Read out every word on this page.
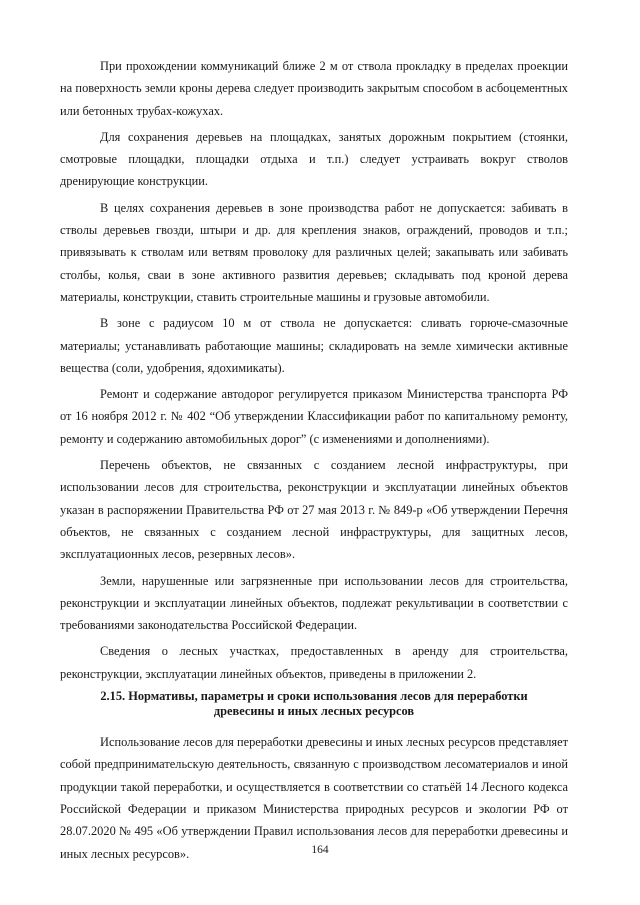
При прохождении коммуникаций ближе 2 м от ствола прокладку в пределах проекции на поверхность земли кроны дерева следует производить закрытым способом в асбоцементных или бетонных трубах-кожухах.

Для сохранения деревьев на площадках, занятых дорожным покрытием (стоянки, смотровые площадки, площадки отдыха и т.п.) следует устраивать вокруг стволов дренирующие конструкции.

В целях сохранения деревьев в зоне производства работ не допускается: забивать в стволы деревьев гвозди, штыри и др. для крепления знаков, ограждений, проводов и т.п.; привязывать к стволам или ветвям проволоку для различных целей; закапывать или забивать столбы, колья, сваи в зоне активного развития деревьев; складывать под кроной дерева материалы, конструкции, ставить строительные машины и грузовые автомобили.

В зоне с радиусом 10 м от ствола не допускается: сливать горюче-смазочные материалы; устанавливать работающие машины; складировать на земле химически активные вещества (соли, удобрения, ядохимикаты).

Ремонт и содержание автодорог регулируется приказом Министерства транспорта РФ от 16 ноября 2012 г. № 402 “Об утверждении Классификации работ по капитальному ремонту, ремонту и содержанию автомобильных дорог” (с изменениями и дополнениями).

Перечень объектов, не связанных с созданием лесной инфраструктуры, при использовании лесов для строительства, реконструкции и эксплуатации линейных объектов указан в распоряжении Правительства РФ от 27 мая 2013 г. № 849-р «Об утверждении Перечня объектов, не связанных с созданием лесной инфраструктуры, для защитных лесов, эксплуатационных лесов, резервных лесов».

Земли, нарушенные или загрязненные при использовании лесов для строительства, реконструкции и эксплуатации линейных объектов, подлежат рекультивации в соответствии с требованиями законодательства Российской Федерации.

Сведения о лесных участках, предоставленных в аренду для строительства, реконструкции, эксплуатации линейных объектов, приведены в приложении 2.

2.15. Нормативы, параметры и сроки использования лесов для переработки
древесины и иных лесных ресурсов

Использование лесов для переработки древесины и иных лесных ресурсов представляет собой предпринимательскую деятельность, связанную с производством лесоматериалов и иной продукции такой переработки, и осуществляется в соответствии со статьёй 14 Лесного кодекса Российской Федерации и приказом Министерства природных ресурсов и экологии РФ от 28.07.2020 № 495 «Об утверждении Правил использования лесов для переработки древесины и иных лесных ресурсов».	164
